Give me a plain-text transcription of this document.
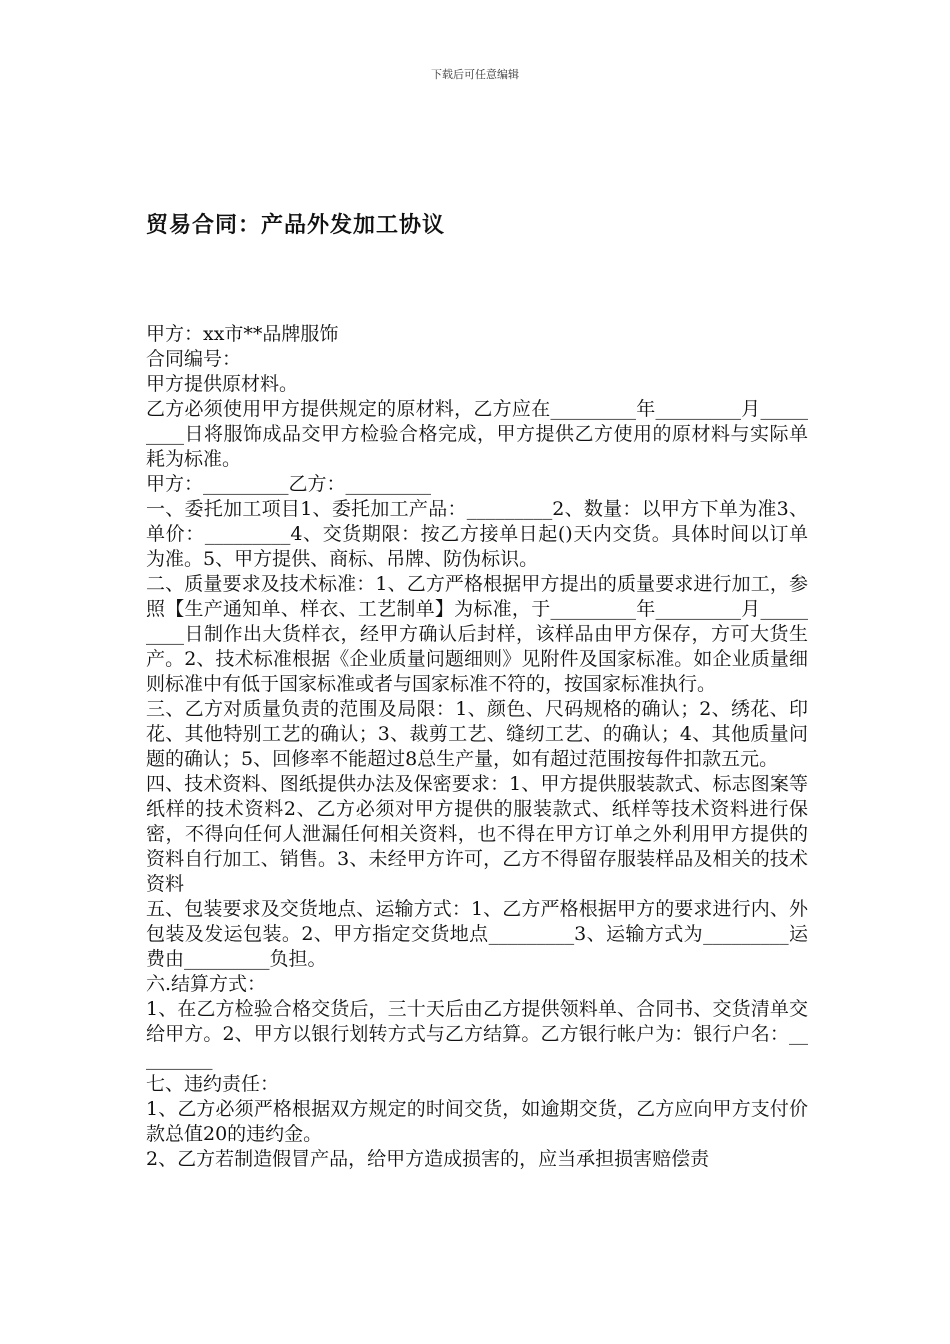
下载后可任意编辑
贸易合同：产品外发加工协议

甲方：xx市**品牌服饰

合同编号：

甲方提供原材料。

乙方必须使用甲方提供规定的原材料，乙方应在_________年_________月_________日将服饰成品交甲方检验合格完成，甲方提供乙方使用的原材料与实际单耗为标准。

甲方：_________乙方：_________

一、委托加工项目1、委托加工产品：_________2、数量：以甲方下单为准3、单价：_________4、交货期限：按乙方接单日起()天内交货。具体时间以订单为准。5、甲方提供、商标、吊牌、防伪标识。

二、质量要求及技术标准：1、乙方严格根据甲方提出的质量要求进行加工，参照【生产通知单、样衣、工艺制单】为标准，于_________年_________月_________日制作出大货样衣，经甲方确认后封样，该样品由甲方保存，方可大货生产。2、技术标准根据《企业质量问题细则》见附件及国家标准。如企业质量细则标准中有低于国家标准或者与国家标准不符的，按国家标准执行。

三、乙方对质量负责的范围及局限：1、颜色、尺码规格的确认；2、绣花、印花、其他特别工艺的确认；3、裁剪工艺、缝纫工艺、的确认；4、其他质量问题的确认；5、回修率不能超过8总生产量，如有超过范围按每件扣款五元。

四、技术资料、图纸提供办法及保密要求：1、甲方提供服装款式、标志图案等纸样的技术资料2、乙方必须对甲方提供的服装款式、纸样等技术资料进行保密，不得向任何人泄漏任何相关资料，也不得在甲方订单之外利用甲方提供的资料自行加工、销售。3、未经甲方许可，乙方不得留存服装样品及相关的技术资料

五、包装要求及交货地点、运输方式：1、乙方严格根据甲方的要求进行内、外包装及发运包装。2、甲方指定交货地点_________3、运输方式为_________运费由_________负担。

六.结算方式：

1、在乙方检验合格交货后，三十天后由乙方提供领料单、合同书、交货清单交给甲方。2、甲方以银行划转方式与乙方结算。乙方银行帐户为：银行户名：_________

七、违约责任：

1、乙方必须严格根据双方规定的时间交货，如逾期交货，乙方应向甲方支付价款总值20的违约金。

2、乙方若制造假冒产品，给甲方造成损害的，应当承担损害赔偿责
